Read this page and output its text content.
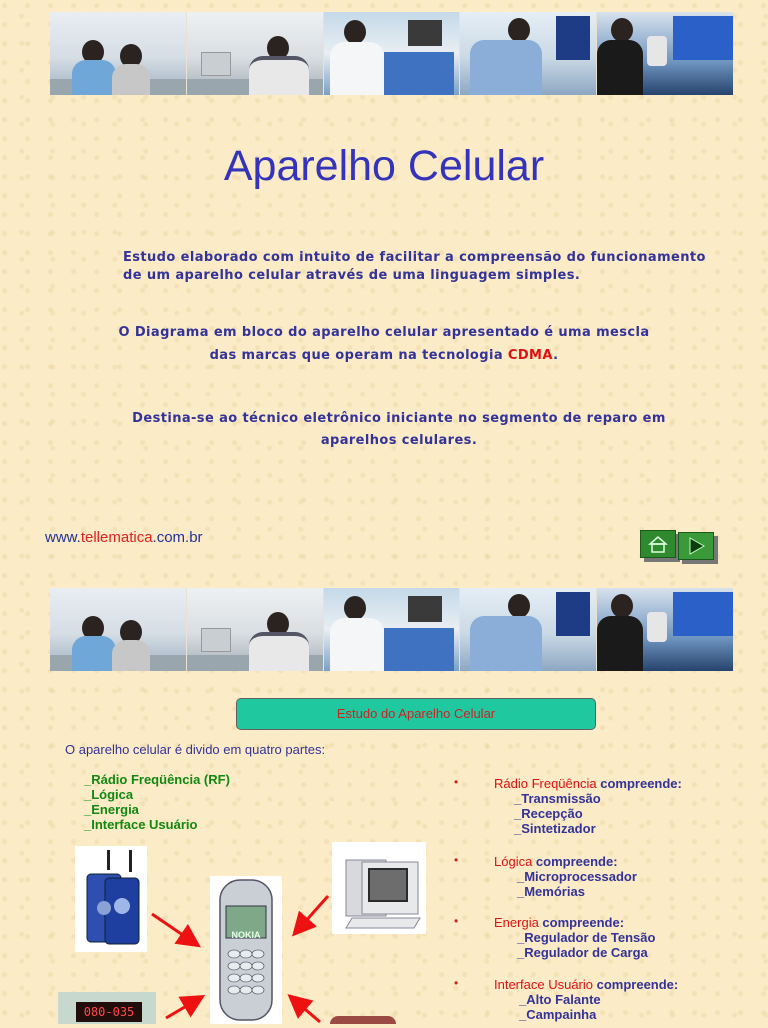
Aparelho Celular
Estudo elaborado com intuito de facilitar a compreensão do funcionamento
de um aparelho celular através de uma linguagem simples.
O Diagrama em bloco do aparelho celular apresentado é uma mescla
das marcas que operam na tecnologia CDMA.
Destina-se ao técnico eletrônico iniciante no segmento de reparo em
aparelhos celulares.
www.tellematica.com.br
Estudo do Aparelho Celular
O aparelho celular é divido em quatro partes:
_Rádio Freqüência (RF)
_Lógica
_Energia
_Interface Usuário
•	Rádio Freqüência compreende:
_Transmissão
_Recepção
_Sintetizador
•	Lógica compreende:
_Microprocessador
_Memórias
•	Energia compreende:
_Regulador de Tensão
_Regulador de Carga
•	Interface Usuário compreende:
_Alto Falante
_Campainha
NOKIA
080-035
